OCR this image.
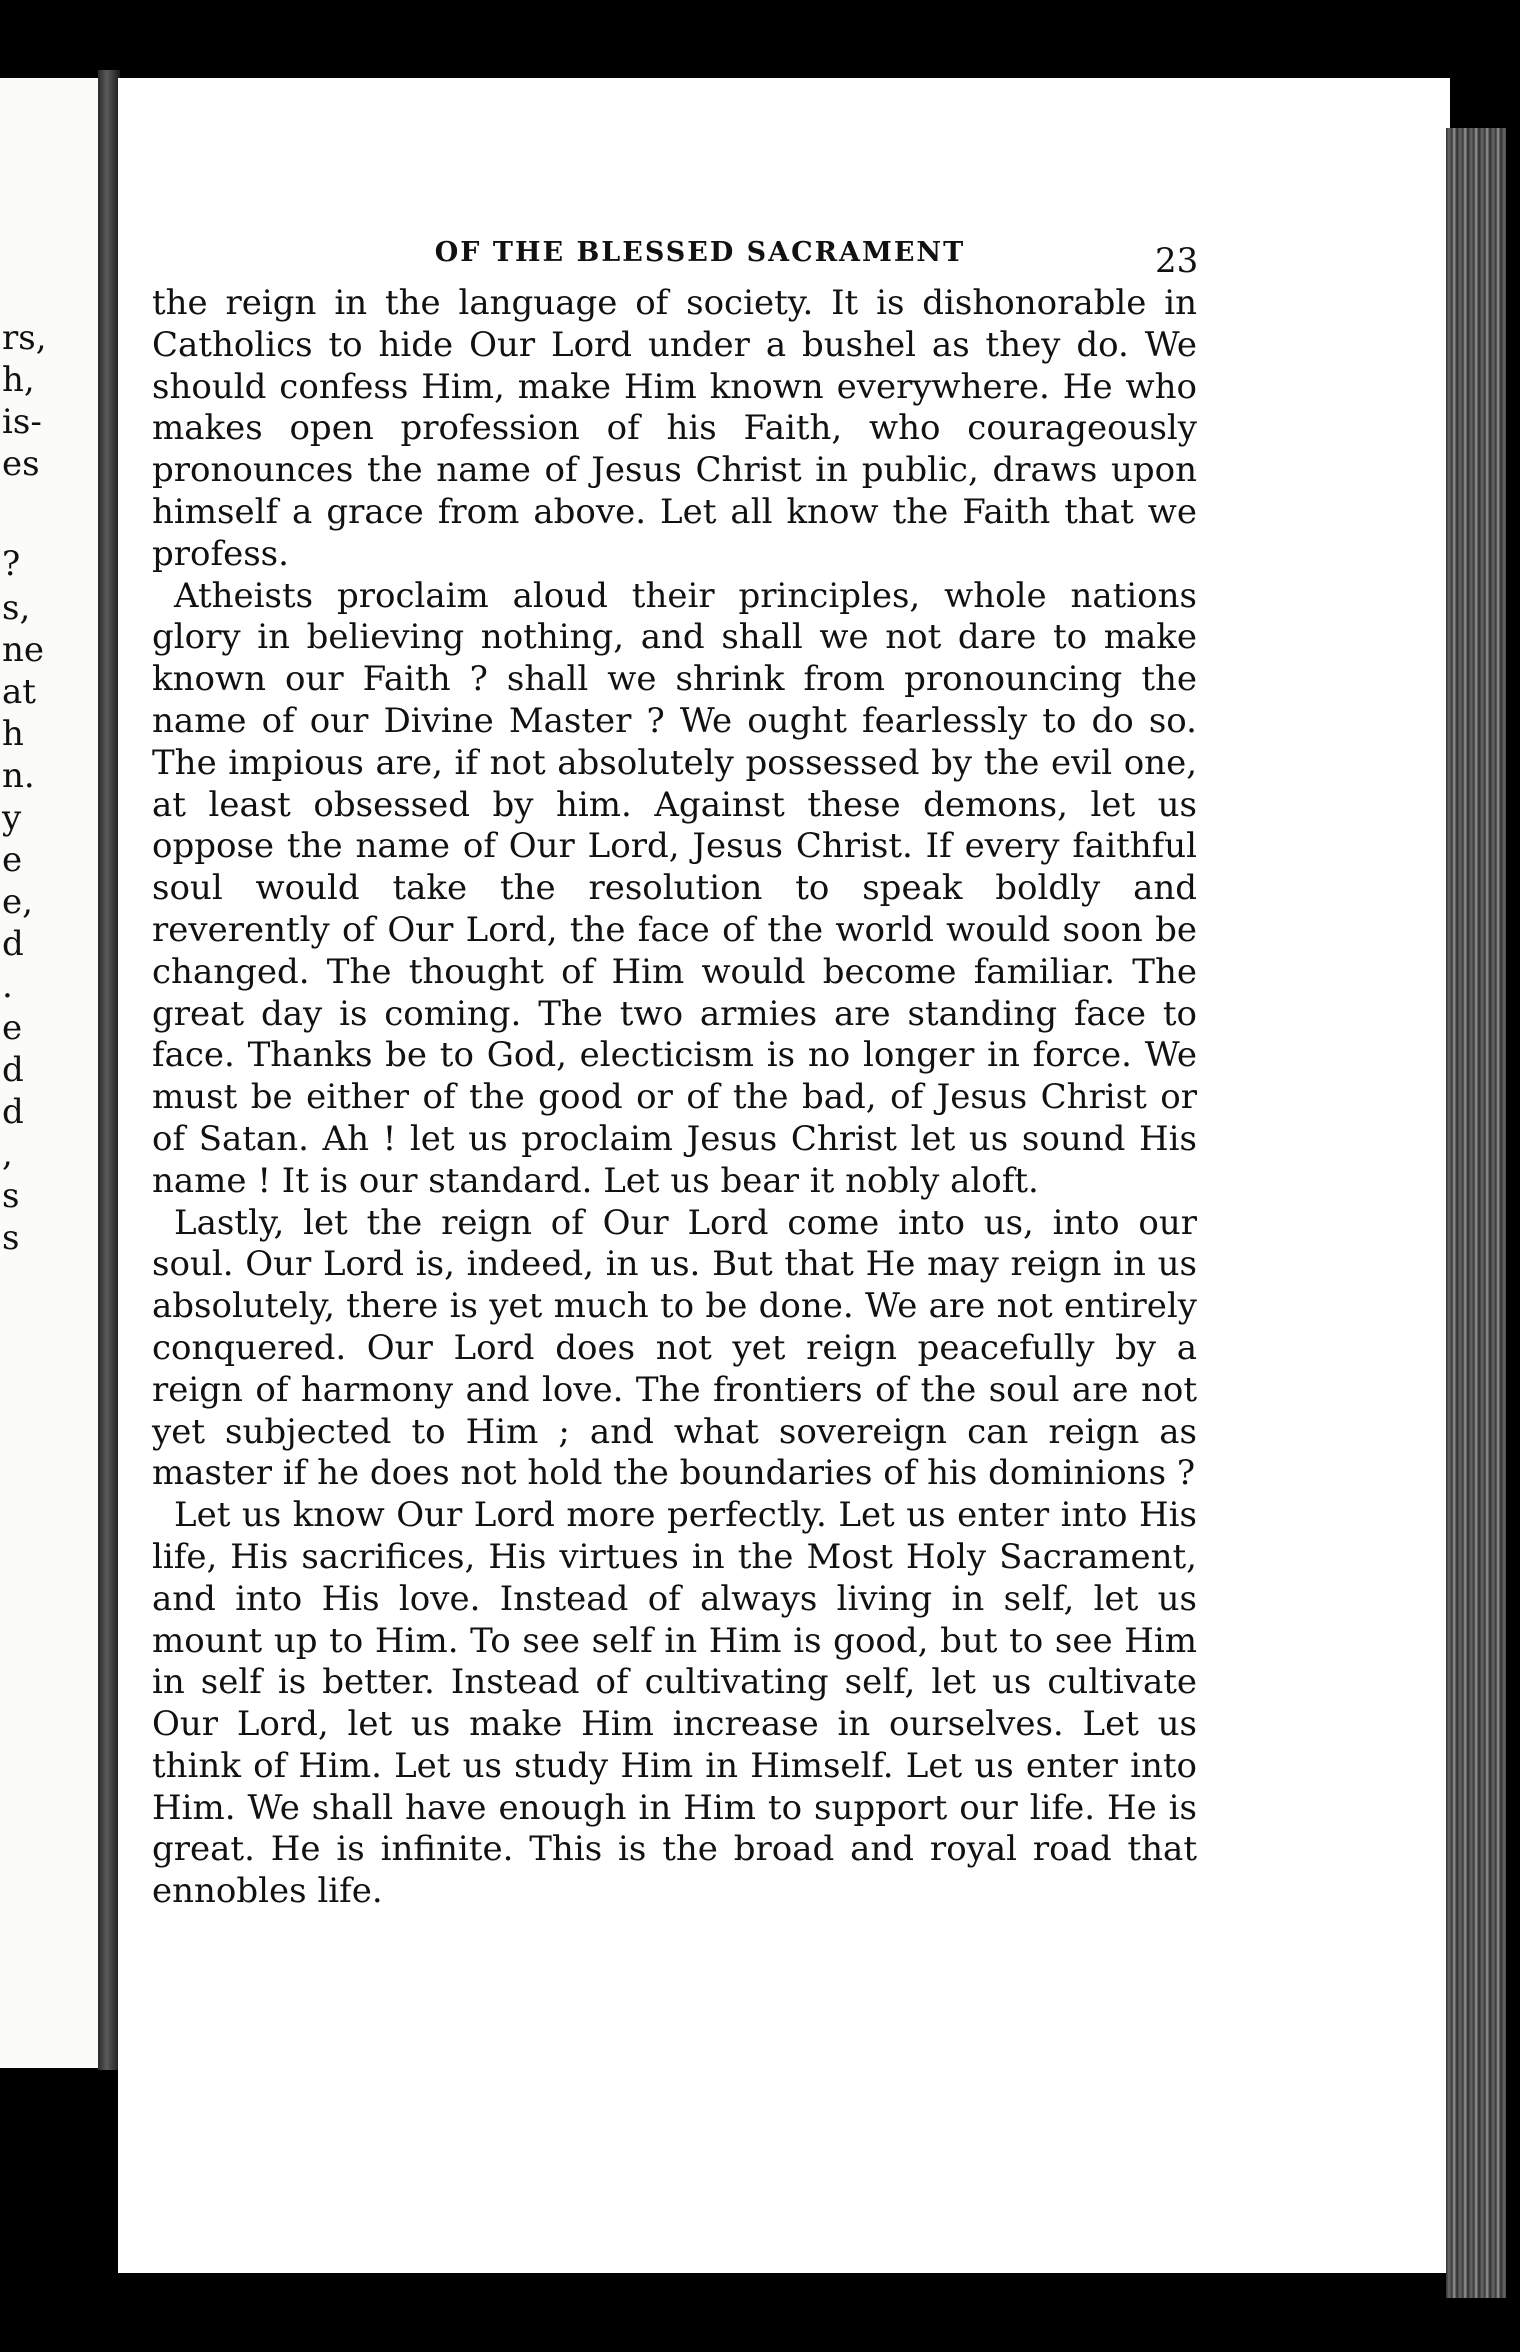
rs,
h,
is-
es
?
s,
ne
at
h
n.
y
e
e,
d
.
e
d
d
,
s
s
OF THE BLESSED SACRAMENT	23

the reign in the language of society. It is dishonorable in Catholics to hide Our Lord under a bushel as they do. We should confess Him, make Him known everywhere. He who makes open profession of his Faith, who courageously pronounces the name of Jesus Christ in public, draws upon himself a grace from above. Let all know the Faith that we profess.

Atheists proclaim aloud their principles, whole nations glory in believing nothing, and shall we not dare to make known our Faith ? shall we shrink from pronouncing the name of our Divine Master ? We ought fearlessly to do so. The impious are, if not absolutely possessed by the evil one, at least obsessed by him. Against these demons, let us oppose the name of Our Lord, Jesus Christ. If every faithful soul would take the resolution to speak boldly and reverently of Our Lord, the face of the world would soon be changed. The thought of Him would become familiar. The great day is coming. The two armies are standing face to face. Thanks be to God, electicism is no longer in force. We must be either of the good or of the bad, of Jesus Christ or of Satan. Ah ! let us proclaim Jesus Christ let us sound His name ! It is our standard. Let us bear it nobly aloft.

Lastly, let the reign of Our Lord come into us, into our soul. Our Lord is, indeed, in us. But that He may reign in us absolutely, there is yet much to be done. We are not entirely conquered. Our Lord does not yet reign peacefully by a reign of harmony and love. The frontiers of the soul are not yet subjected to Him ; and what sovereign can reign as master if he does not hold the boundaries of his dominions ?

Let us know Our Lord more perfectly. Let us enter into His life, His sacrifices, His virtues in the Most Holy Sacrament, and into His love. Instead of always living in self, let us mount up to Him. To see self in Him is good, but to see Him in self is better. Instead of cultivating self, let us cultivate Our Lord, let us make Him increase in ourselves. Let us think of Him. Let us study Him in Himself. Let us enter into Him. We shall have enough in Him to support our life. He is great. He is infinite. This is the broad and royal road that ennobles life.
